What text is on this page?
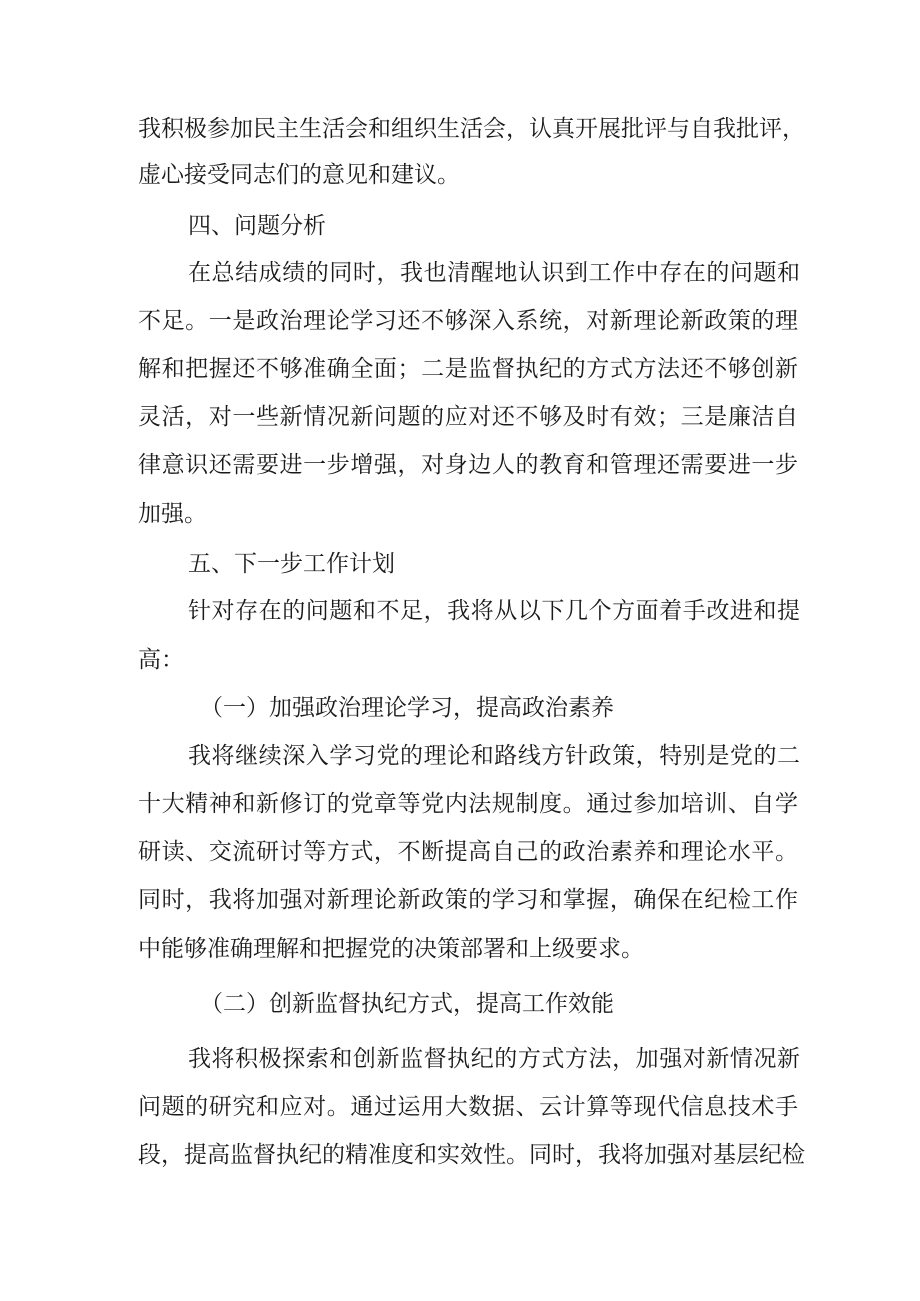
我积极参加民主生活会和组织生活会，认真开展批评与自我批评，
虚心接受同志们的意见和建议。
四、问题分析
在总结成绩的同时，我也清醒地认识到工作中存在的问题和
不足。一是政治理论学习还不够深入系统，对新理论新政策的理
解和把握还不够准确全面；二是监督执纪的方式方法还不够创新
灵活，对一些新情况新问题的应对还不够及时有效；三是廉洁自
律意识还需要进一步增强，对身边人的教育和管理还需要进一步
加强。
五、下一步工作计划
针对存在的问题和不足，我将从以下几个方面着手改进和提
高：
（一）加强政治理论学习，提高政治素养
我将继续深入学习党的理论和路线方针政策，特别是党的二
十大精神和新修订的党章等党内法规制度。通过参加培训、自学
研读、交流研讨等方式，不断提高自己的政治素养和理论水平。
同时，我将加强对新理论新政策的学习和掌握，确保在纪检工作
中能够准确理解和把握党的决策部署和上级要求。
（二）创新监督执纪方式，提高工作效能
我将积极探索和创新监督执纪的方式方法，加强对新情况新
问题的研究和应对。通过运用大数据、云计算等现代信息技术手
段，提高监督执纪的精准度和实效性。同时，我将加强对基层纪检
